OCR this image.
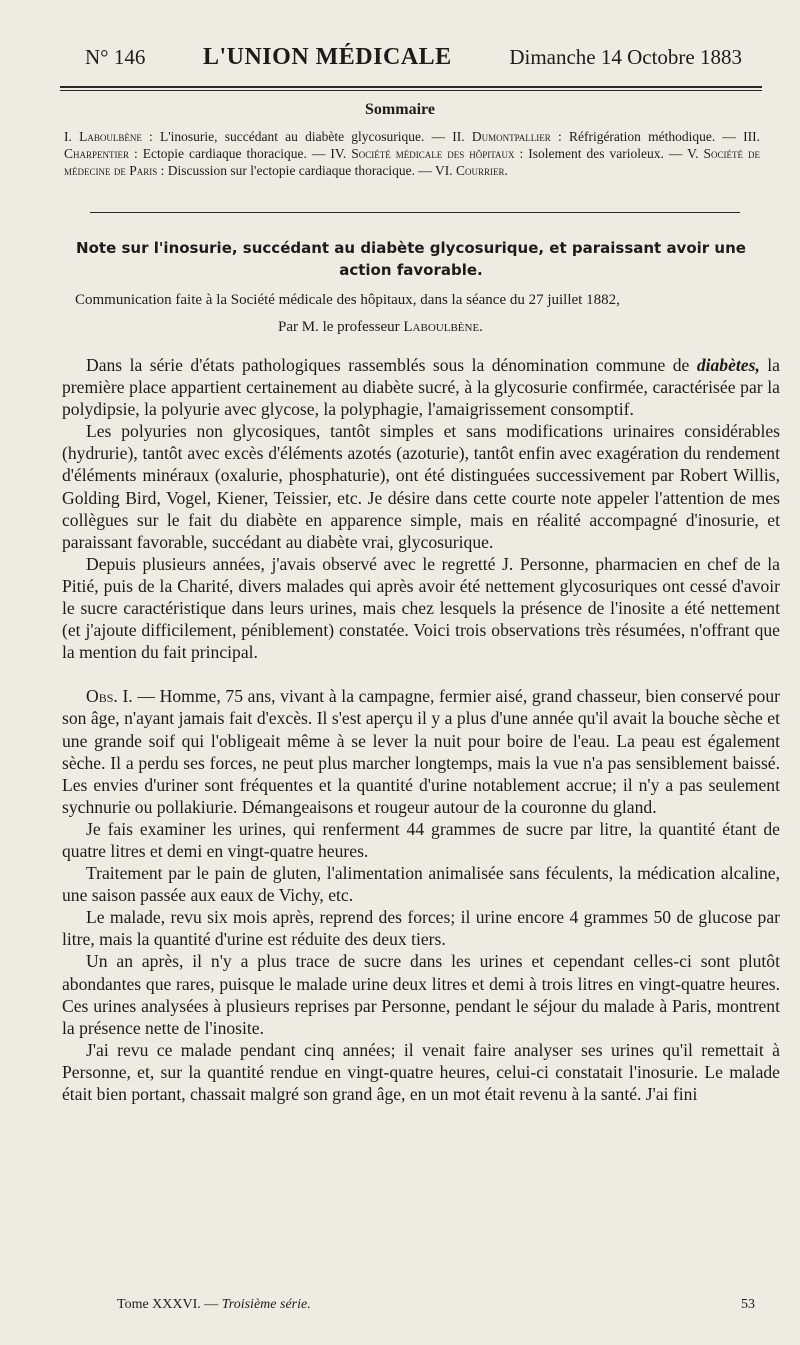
N° 146 L'UNION MÉDICALE	Dimanche 14 Octobre 1883
Sommaire
I. Laboulbène : L'inosurie, succédant au diabète glycosurique. — II. Dumontpallier : Réfrigération méthodique. — III. Charpentier : Ectopie cardiaque thoracique. — IV. Société médicale des hôpitaux : Isolement des varioleux. — V. Société de médecine de Paris : Discussion sur l'ectopie cardiaque thoracique. — VI. Courrier.
Note sur l'inosurie, succédant au diabète glycosurique, et paraissant avoir une action favorable.
Communication faite à la Société médicale des hôpitaux, dans la séance du 27 juillet 1882,
Par M. le professeur Laboulbène.

Dans la série d'états pathologiques rassemblés sous la dénomination commune de diabètes, la première place appartient certainement au diabète sucré, à la glycosurie confirmée, caractérisée par la polydipsie, la polyurie avec glycose, la polyphagie, l'amaigrissement consomptif.

Les polyuries non glycosiques, tantôt simples et sans modifications urinaires considérables (hydrurie), tantôt avec excès d'éléments azotés (azoturie), tantôt enfin avec exagération du rendement d'éléments minéraux (oxalurie, phosphaturie), ont été distinguées successivement par Robert Willis, Golding Bird, Vogel, Kiener, Teissier, etc. Je désire dans cette courte note appeler l'attention de mes collègues sur le fait du diabète en apparence simple, mais en réalité accompagné d'inosurie, et paraissant favorable, succédant au diabète vrai, glycosurique.

Depuis plusieurs années, j'avais observé avec le regretté J. Personne, pharmacien en chef de la Pitié, puis de la Charité, divers malades qui après avoir été nettement glycosuriques ont cessé d'avoir le sucre caractéristique dans leurs urines, mais chez lesquels la présence de l'inosite a été nettement (et j'ajoute difficilement, péniblement) constatée. Voici trois observations très résumées, n'offrant que la mention du fait principal.

Obs. I. — Homme, 75 ans, vivant à la campagne, fermier aisé, grand chasseur, bien conservé pour son âge, n'ayant jamais fait d'excès. Il s'est aperçu il y a plus d'une année qu'il avait la bouche sèche et une grande soif qui l'obligeait même à se lever la nuit pour boire de l'eau. La peau est également sèche. Il a perdu ses forces, ne peut plus marcher longtemps, mais la vue n'a pas sensiblement baissé. Les envies d'uriner sont fréquentes et la quantité d'urine notablement accrue; il n'y a pas seulement sychnurie ou pollakiurie. Démangeaisons et rougeur autour de la couronne du gland.

Je fais examiner les urines, qui renferment 44 grammes de sucre par litre, la quantité étant de quatre litres et demi en vingt-quatre heures.

Traitement par le pain de gluten, l'alimentation animalisée sans féculents, la médication alcaline, une saison passée aux eaux de Vichy, etc.

Le malade, revu six mois après, reprend des forces; il urine encore 4 grammes 50 de glucose par litre, mais la quantité d'urine est réduite des deux tiers.

Un an après, il n'y a plus trace de sucre dans les urines et cependant celles-ci sont plutôt abondantes que rares, puisque le malade urine deux litres et demi à trois litres en vingt-quatre heures. Ces urines analysées à plusieurs reprises par Personne, pendant le séjour du malade à Paris, montrent la présence nette de l'inosite.

J'ai revu ce malade pendant cinq années; il venait faire analyser ses urines qu'il remettait à Personne, et, sur la quantité rendue en vingt-quatre heures, celui-ci constatait l'inosurie. Le malade était bien portant, chassait malgré son grand âge, en un mot était revenu à la santé. J'ai fini

Tome XXXVI. — Troisième série.	53
